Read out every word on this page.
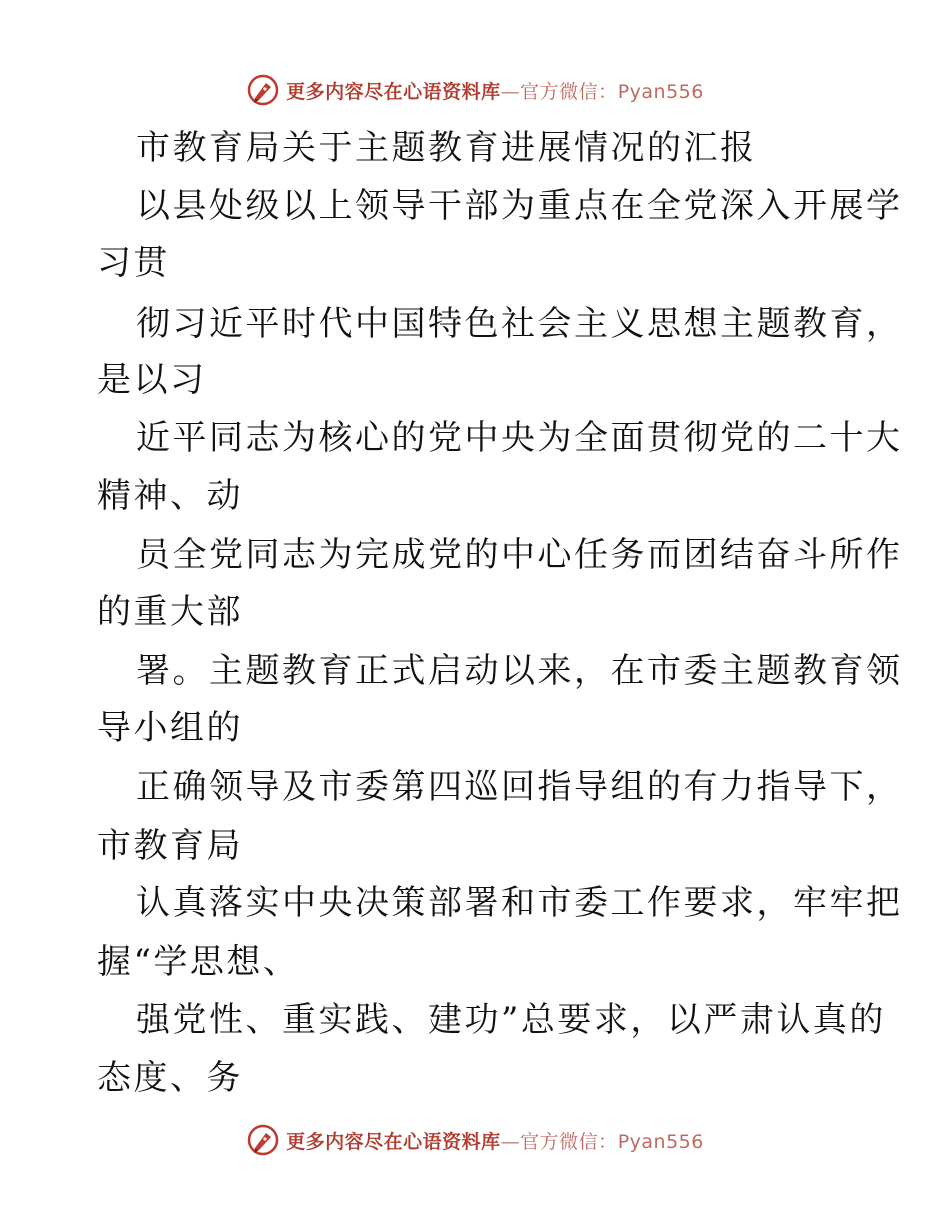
更多内容尽在心语资料库—官方微信：Pyan556
市教育局关于主题教育进展情况的汇报
以县处级以上领导干部为重点在全党深入开展学
习贯
彻习近平时代中国特色社会主义思想主题教育，
是以习
近平同志为核心的党中央为全面贯彻党的二十大
精神、动
员全党同志为完成党的中心任务而团结奋斗所作
的重大部
署。主题教育正式启动以来，在市委主题教育领
导小组的
正确领导及市委第四巡回指导组的有力指导下，
市教育局
认真落实中央决策部署和市委工作要求，牢牢把
握“学思想、
强党性、重实践、建功”总要求，以严肃认真的
态度、务
更多内容尽在心语资料库—官方微信：Pyan556
